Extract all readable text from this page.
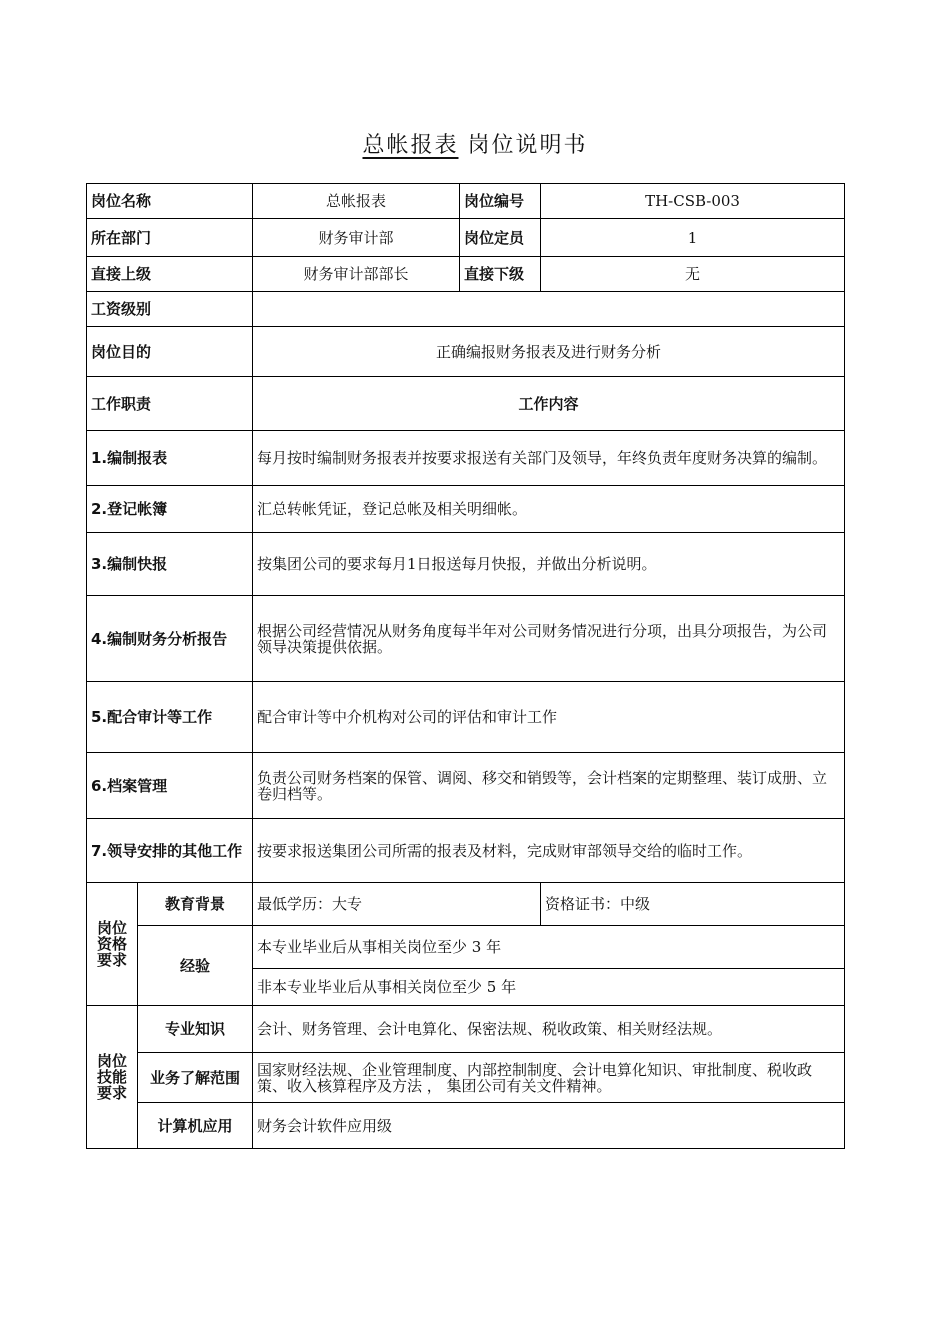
总帐报表 岗位说明书
岗位名称		总帐报表	岗位编号	TH-CSB-003
所在部门		财务审计部	岗位定员	1
直接上级		财务审计部部长	直接下级	无
工资级别				
岗位目的		正确编报财务报表及进行财务分析		
工作职责		工作内容		
1.编制报表		每月按时编制财务报表并按要求报送有关部门及领导，年终负责年度财务决算的编制。		
2.登记帐簿		汇总转帐凭证，登记总帐及相关明细帐。		
3.编制快报		按集团公司的要求每月1日报送每月快报，并做出分析说明。		
4.编制财务分析报告		根据公司经营情况从财务角度每半年对公司财务情况进行分项，出具分项报告，为公司领导决策提供依据。		
5.配合审计等工作		配合审计等中介机构对公司的评估和审计工作		
6.档案管理		负责公司财务档案的保管、调阅、移交和销毁等，会计档案的定期整理、装订成册、立卷归档等。		
7.领导安排的其他工作		按要求报送集团公司所需的报表及材料，完成财审部领导交给的临时工作。		
岗位资格要求	教育背景	最低学历：大专		资格证书：中级
	经验	本专业毕业后从事相关岗位至少 3 年		
		非本专业毕业后从事相关岗位至少 5 年		
岗位技能要求	专业知识	会计、财务管理、会计电算化、保密法规、税收政策、相关财经法规。		
	业务了解范围	国家财经法规、企业管理制度、内部控制制度、会计电算化知识、审批制度、税收政策、收入核算程序及方法 ， 集团公司有关文件精神。		
	计算机应用	财务会计软件应用级		
